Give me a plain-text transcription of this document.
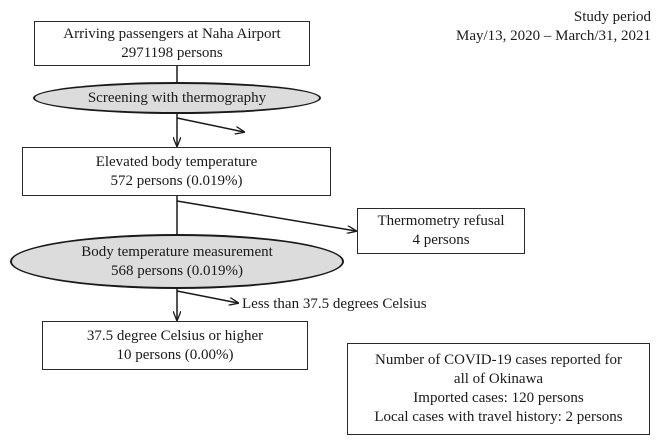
Study period
May/13, 2020 – March/31, 2021
Arriving passengers at Naha Airport
2971198 persons
Screening with thermography
Elevated body temperature
572 persons (0.019%)
Thermometry refusal
4 persons
Body temperature measurement
568 persons (0.019%)
Less than 37.5 degrees Celsius
37.5 degree Celsius or higher
10 persons (0.00%)	Number of COVID-19 cases reported for
all of Okinawa
Imported cases: 120 persons
Local cases with travel history: 2 persons
